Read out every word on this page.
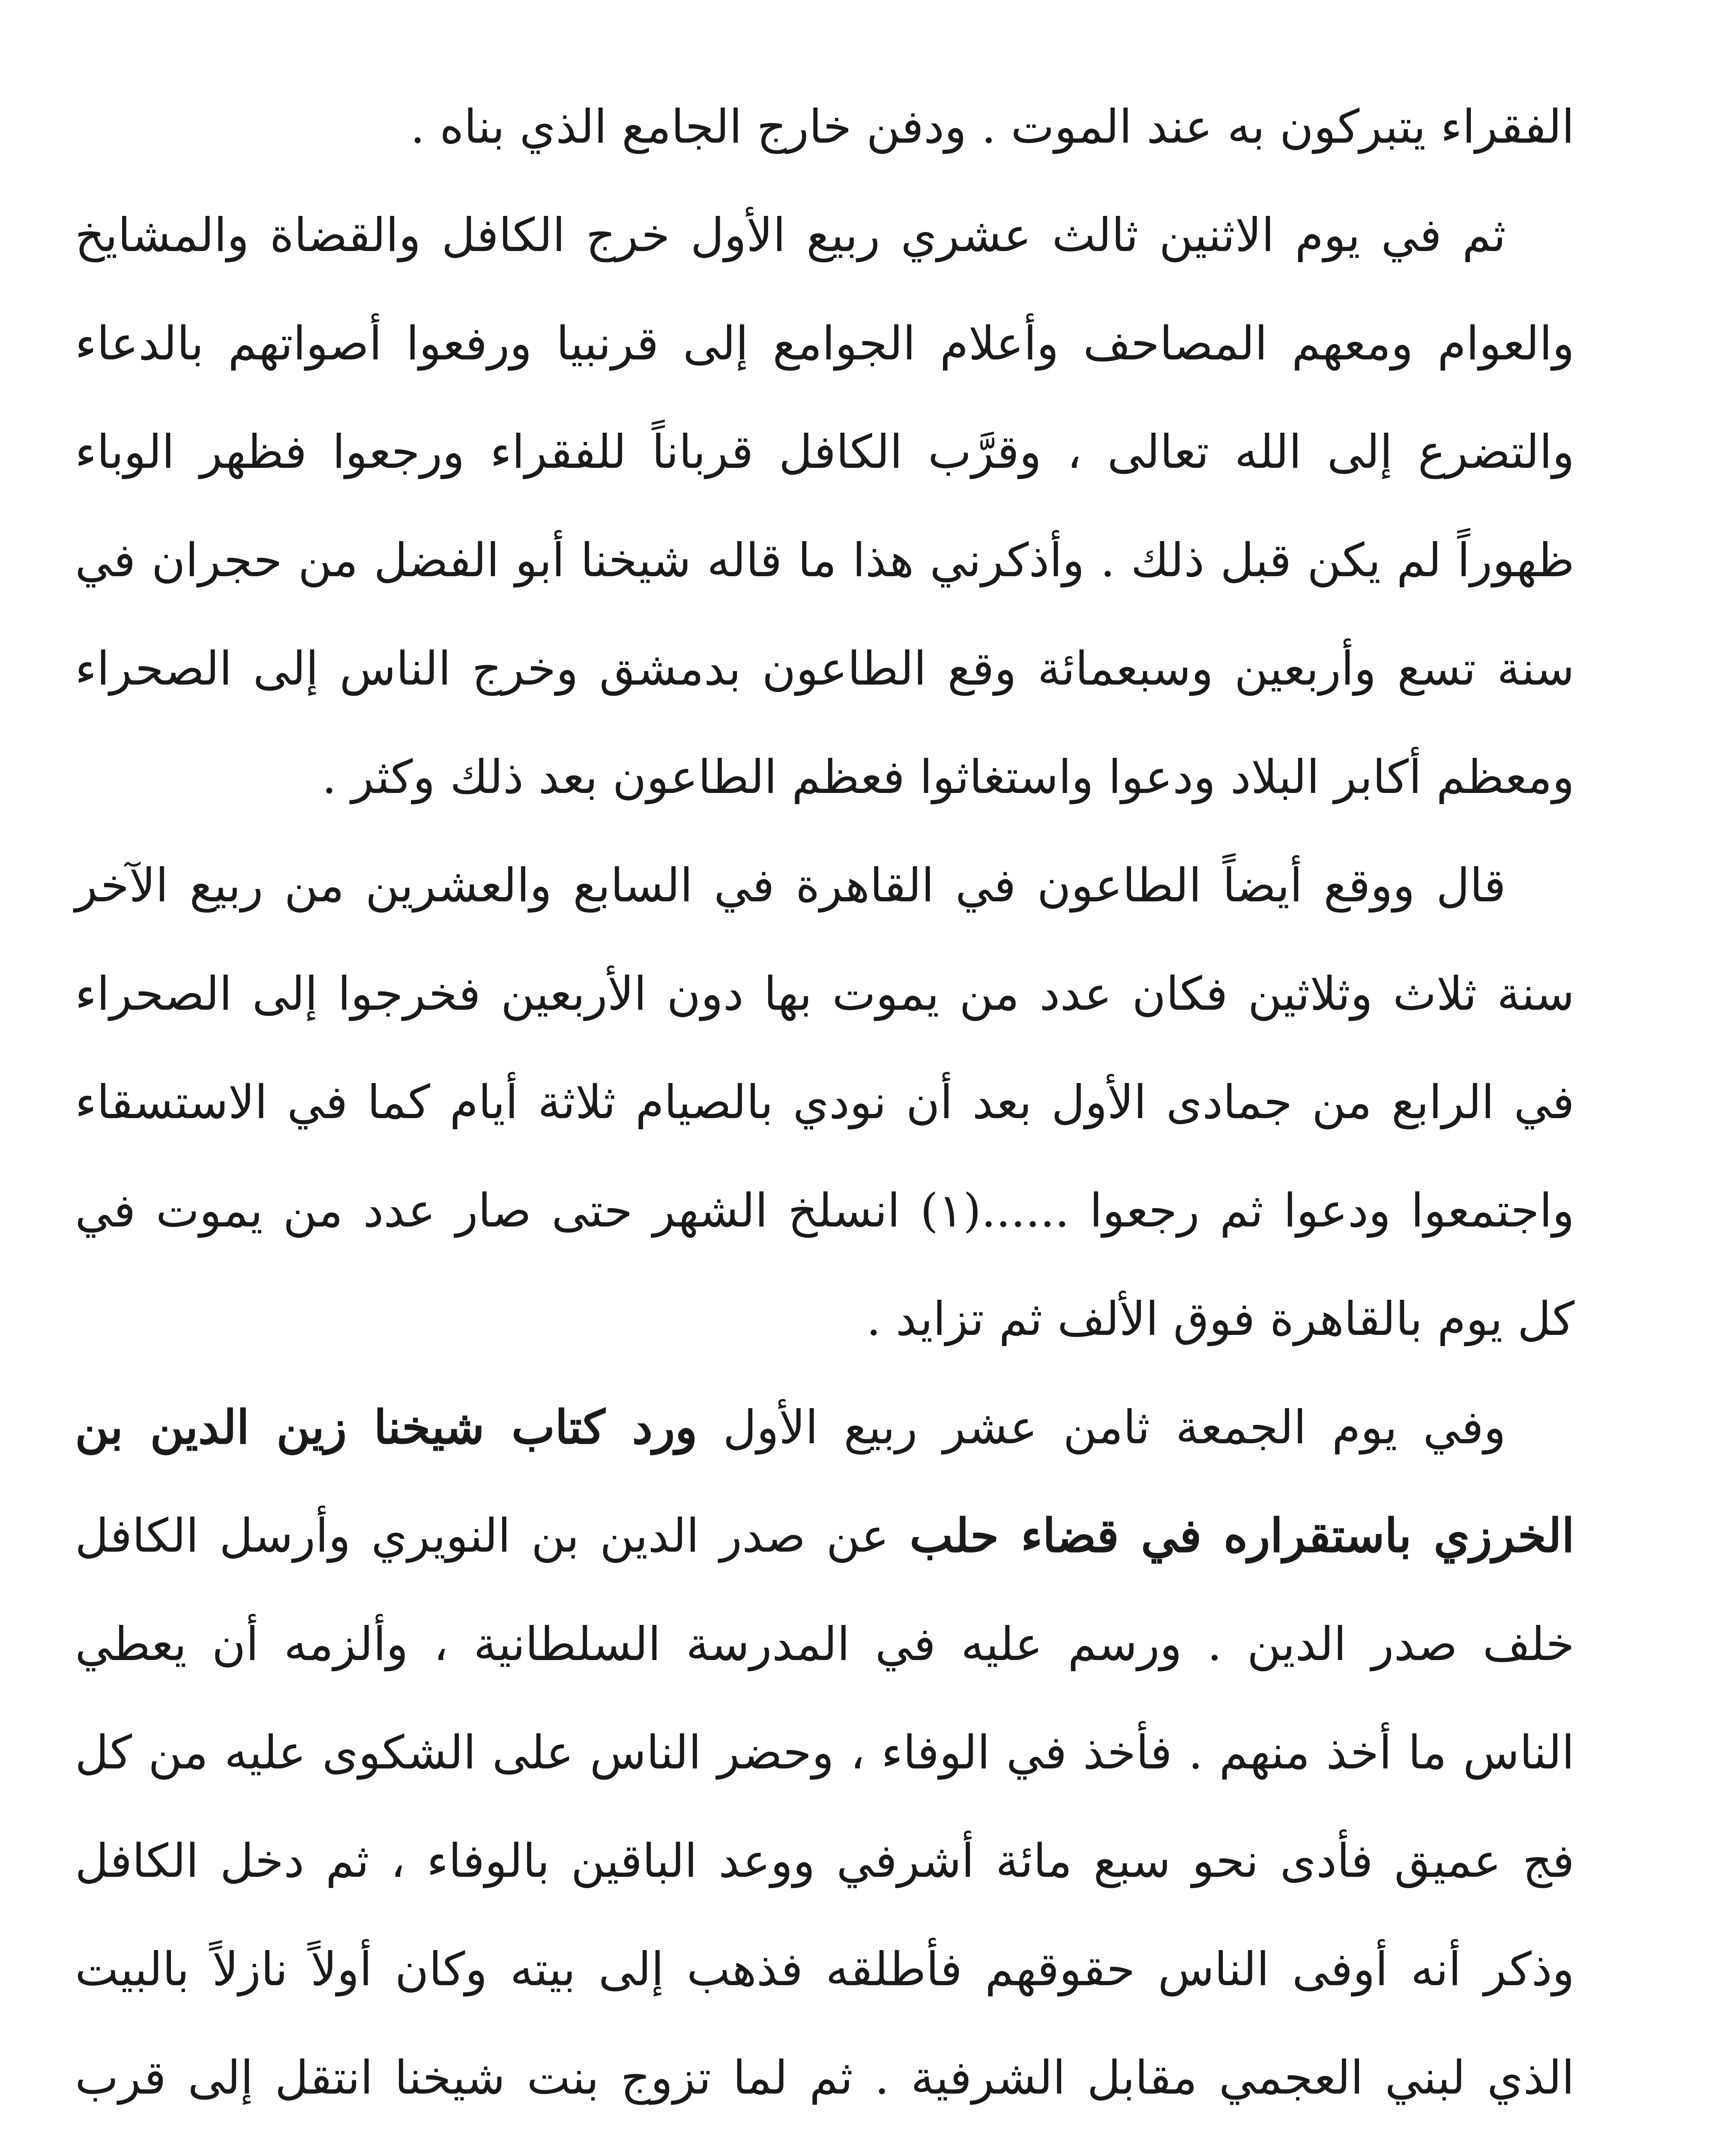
الفقراء يتبركون به عند الموت . ودفن خارج الجامع الذي بناه .

ثم في يوم الاثنين ثالث عشري ربيع الأول خرج الكافل والقضاة والمشايخ والعوام ومعهم المصاحف وأعلام الجوامع إلى قرنبيا ورفعوا أصواتهم بالدعاء والتضرع إلى الله تعالى ، وقرَّب الكافل قرباناً للفقراء ورجعوا فظهر الوباء ظهوراً لم يكن قبل ذلك . وأذكرني هذا ما قاله شيخنا أبو الفضل من حجران في سنة تسع وأربعين وسبعمائة وقع الطاعون بدمشق وخرج الناس إلى الصحراء ومعظم أكابر البلاد ودعوا واستغاثوا فعظم الطاعون بعد ذلك وكثر .

قال ووقع أيضاً الطاعون في القاهرة في السابع والعشرين من ربيع الآخر سنة ثلاث وثلاثين فكان عدد من يموت بها دون الأربعين فخرجوا إلى الصحراء في الرابع من جمادى الأول بعد أن نودي بالصيام ثلاثة أيام كما في الاستسقاء واجتمعوا ودعوا ثم رجعوا ......(١) انسلخ الشهر حتى صار عدد من يموت في كل يوم بالقاهرة فوق الألف ثم تزايد .

وفي يوم الجمعة ثامن عشر ربيع الأول ورد كتاب شيخنا زين الدين بن الخرزي باستقراره في قضاء حلب عن صدر الدين بن النويري وأرسل الكافل خلف صدر الدين . ورسم عليه في المدرسة السلطانية ، وألزمه أن يعطي الناس ما أخذ منهم . فأخذ في الوفاء ، وحضر الناس على الشكوى عليه من كل فج عميق فأدى نحو سبع مائة أشرفي ووعد الباقين بالوفاء ، ثم دخل الكافل وذكر أنه أوفى الناس حقوقهم فأطلقه فذهب إلى بيته وكان أولاً نازلاً بالبيت الذي لبني العجمي مقابل الشرفية . ثم لما تزوج بنت شيخنا انتقل إلى قرب
